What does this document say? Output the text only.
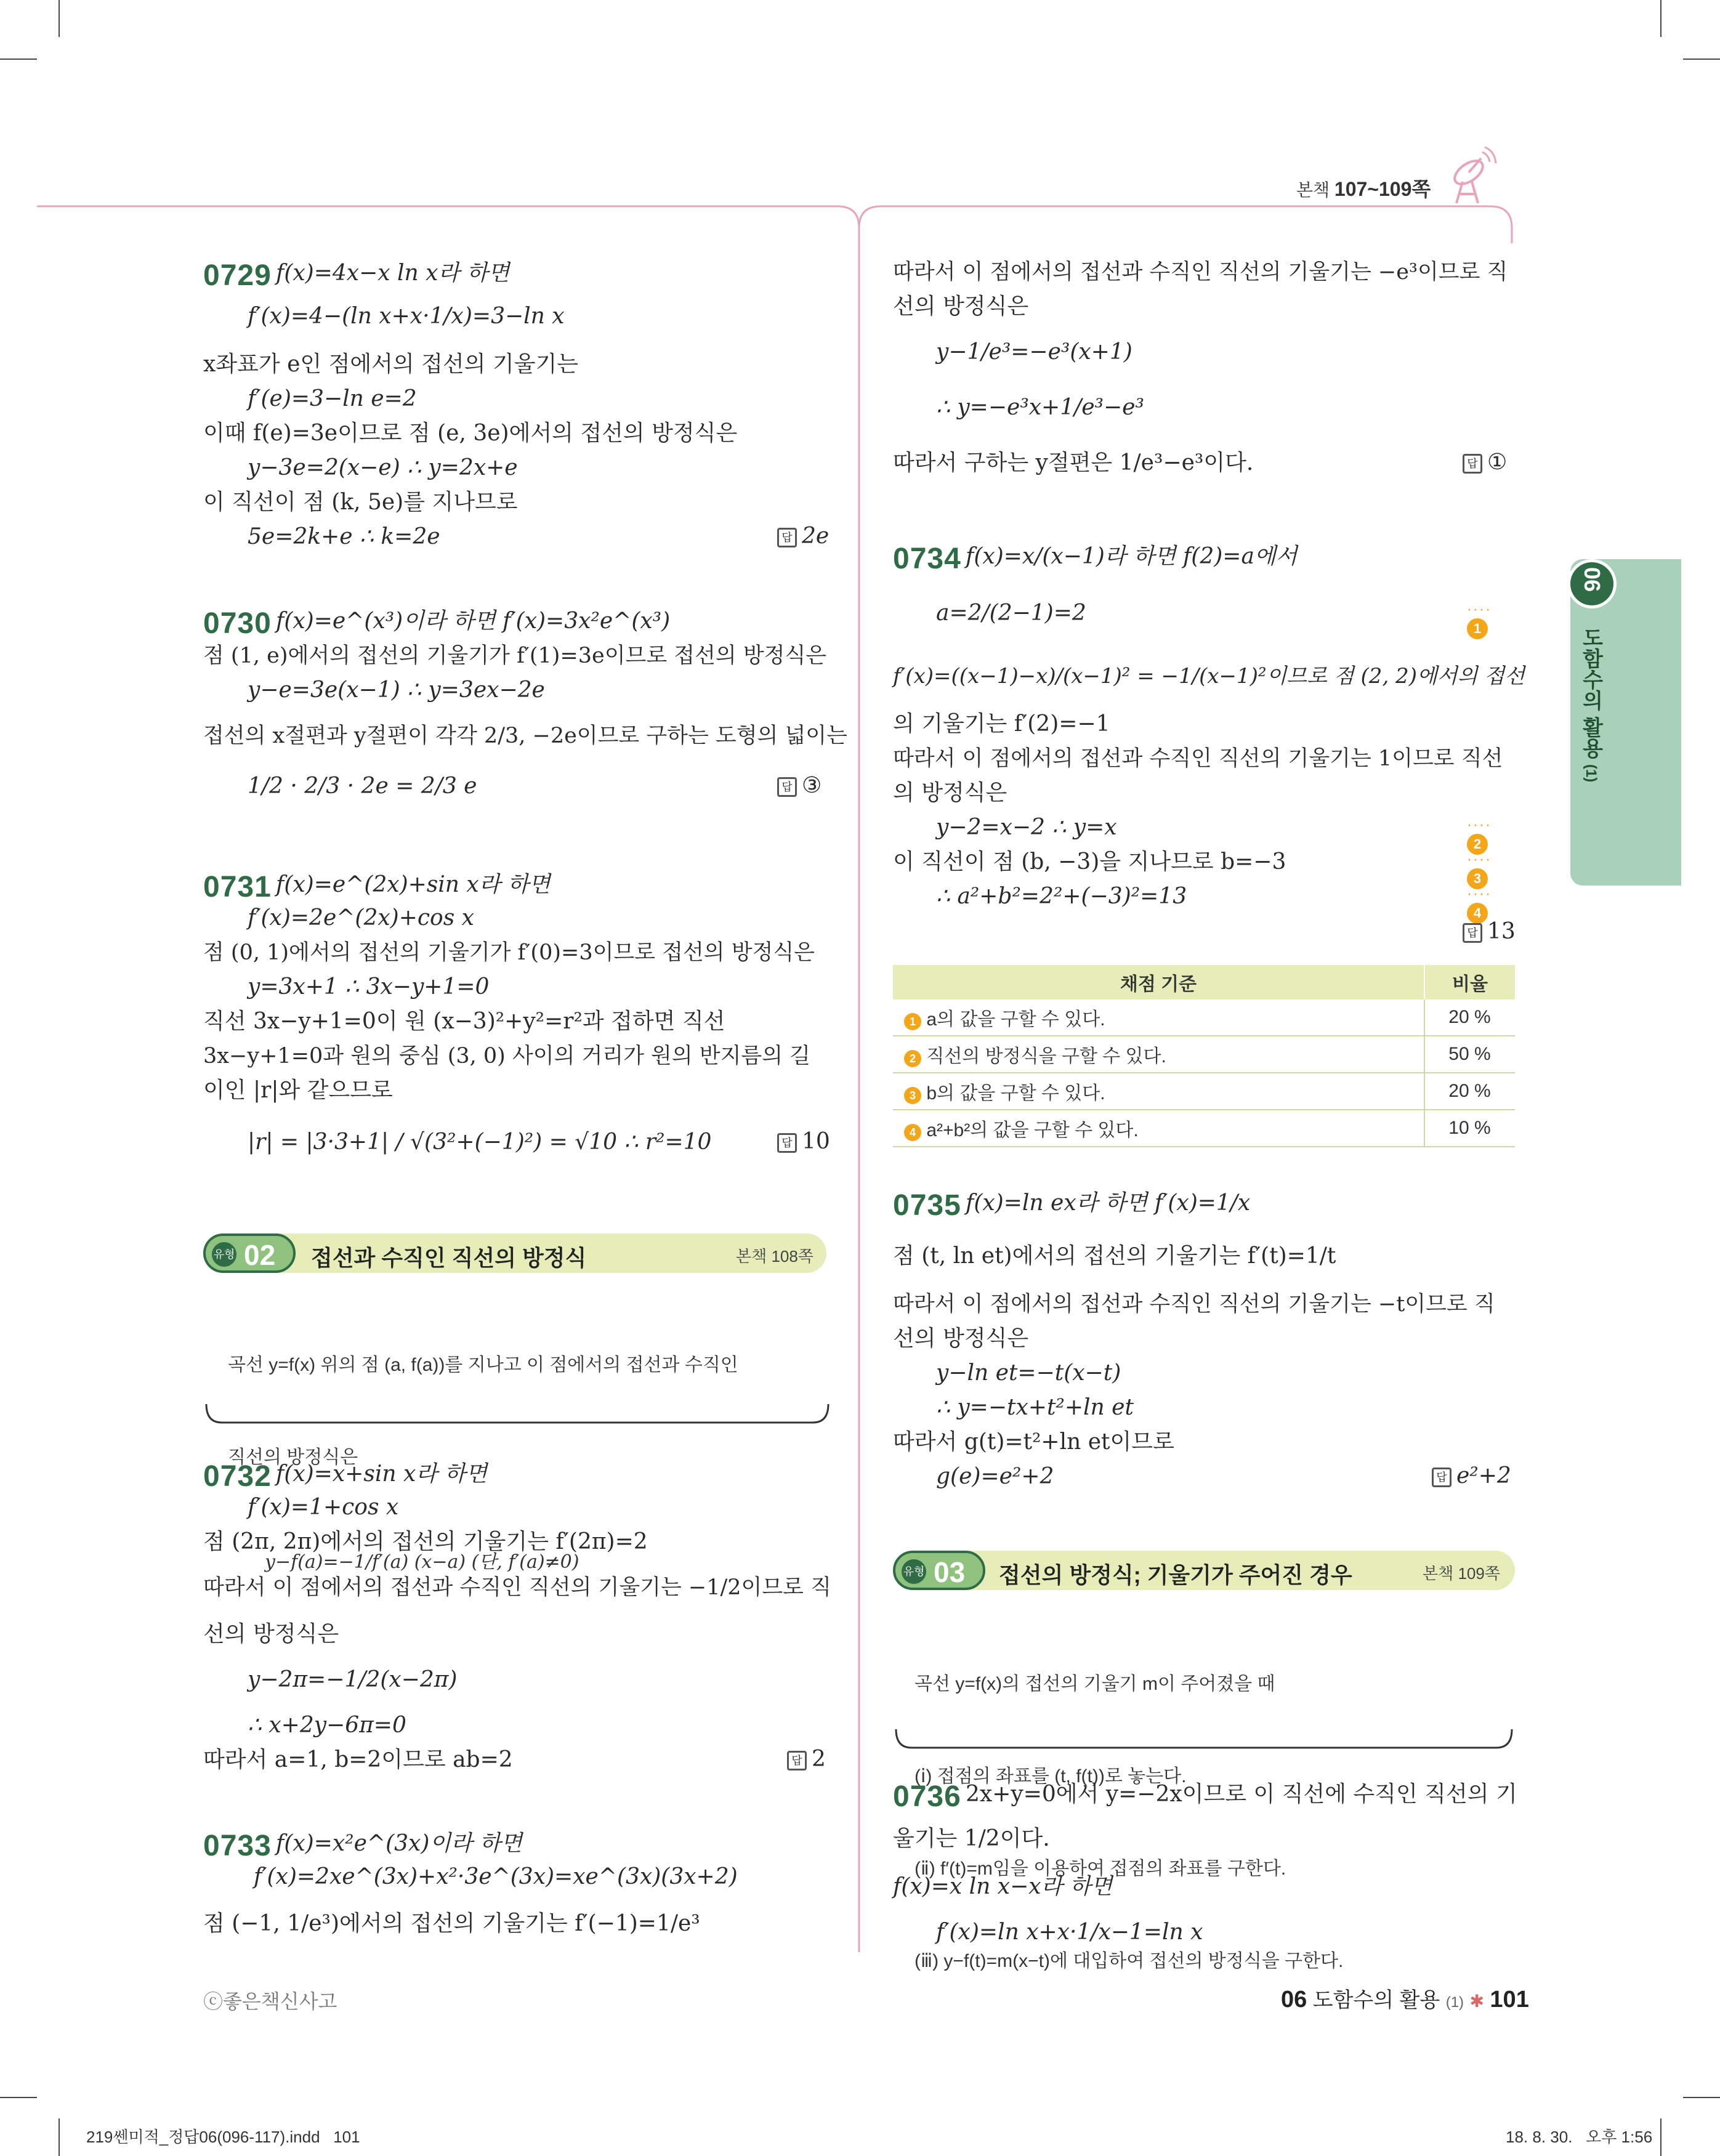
본책 107~109쪽
06
도함수의 활용 (1)
0729 f(x)=4x−x ln x라 하면
f′(x)=4−(ln x+x·1/x)=3−ln x
x좌표가 e인 점에서의 접선의 기울기는
f′(e)=3−ln e=2
이때 f(e)=3e이므로 점 (e, 3e)에서의 접선의 방정식은
y−3e=2(x−e) ∴ y=2x+e
이 직선이 점 (k, 5e)를 지나므로
5e=2k+e ∴ k=2e	답 2e
0730 f(x)=e^(x³)이라 하면 f′(x)=3x²e^(x³)
점 (1, e)에서의 접선의 기울기가 f′(1)=3e이므로 접선의 방정식은
y−e=3e(x−1) ∴ y=3ex−2e
접선의 x절편과 y절편이 각각 2/3, −2e이므로 구하는 도형의 넓이는
1/2 · 2/3 · 2e = 2/3 e	답 ③
0731 f(x)=e^(2x)+sin x라 하면
f′(x)=2e^(2x)+cos x
점 (0, 1)에서의 접선의 기울기가 f′(0)=3이므로 접선의 방정식은
y=3x+1 ∴ 3x−y+1=0
직선 3x−y+1=0이 원 (x−3)²+y²=r²과 접하면 직선
3x−y+1=0과 원의 중심 (3, 0) 사이의 거리가 원의 반지름의 길
이인 |r|와 같으므로
|r| = |3·3+1| / √(3²+(−1)²) = √10 ∴ r²=10	답 10
유형 02 접선과 수직인 직선의 방정식	본책 108쪽

곡선 y=f(x) 위의 점 (a, f(a))를 지나고 이 점에서의 접선과 수직인

직선의 방정식은

y−f(a)=−1/f′(a) (x−a) (단, f′(a)≠0)

0732 f(x)=x+sin x라 하면
f′(x)=1+cos x
점 (2π, 2π)에서의 접선의 기울기는 f′(2π)=2
따라서 이 점에서의 접선과 수직인 직선의 기울기는 −1/2이므로 직
선의 방정식은
y−2π=−1/2(x−2π)
∴ x+2y−6π=0
따라서 a=1, b=2이므로 ab=2	답 2
0733 f(x)=x²e^(3x)이라 하면
f′(x)=2xe^(3x)+x²·3e^(3x)=xe^(3x)(3x+2)
점 (−1, 1/e³)에서의 접선의 기울기는 f′(−1)=1/e³
따라서 이 점에서의 접선과 수직인 직선의 기울기는 −e³이므로 직
선의 방정식은
y−1/e³=−e³(x+1)
∴ y=−e³x+1/e³−e³
따라서 구하는 y절편은 1/e³−e³이다.	답 ①
0734 f(x)=x/(x−1)라 하면 f(2)=a에서
a=2/(2−1)=2
f′(x)=((x−1)−x)/(x−1)² = −1/(x−1)²이므로 점 (2, 2)에서의 접선
의 기울기는 f′(2)=−1
따라서 이 점에서의 접선과 수직인 직선의 기울기는 1이므로 직선
의 방정식은
y−2=x−2 ∴ y=x
이 직선이 점 (b, −3)을 지나므로 b=−3
∴ a²+b²=2²+(−3)²=13
···· 1
···· 2
···· 3
···· 4
답 13
채점 기준	비율
1 a의 값을 구할 수 있다.	20 %
2 직선의 방정식을 구할 수 있다.	50 %
3 b의 값을 구할 수 있다.	20 %
4 a²+b²의 값을 구할 수 있다.	10 %
0735 f(x)=ln ex라 하면 f′(x)=1/x
점 (t, ln et)에서의 접선의 기울기는 f′(t)=1/t
따라서 이 점에서의 접선과 수직인 직선의 기울기는 −t이므로 직
선의 방정식은
y−ln et=−t(x−t)
∴ y=−tx+t²+ln et
따라서 g(t)=t²+ln et이므로
g(e)=e²+2	답 e²+2
유형 03 접선의 방정식; 기울기가 주어진 경우	본책 109쪽

곡선 y=f(x)의 접선의 기울기 m이 주어졌을 때

(ⅰ) 접점의 좌표를 (t, f(t))로 놓는다.

(ⅱ) f′(t)=m임을 이용하여 접점의 좌표를 구한다.

(ⅲ) y−f(t)=m(x−t)에 대입하여 접선의 방정식을 구한다.

0736 2x+y=0에서 y=−2x이므로 이 직선에 수직인 직선의 기
울기는 1/2이다.
f(x)=x ln x−x라 하면
f′(x)=ln x+x·1/x−1=ln x
ⓒ좋은책신사고	06 도함수의 활용 (1) ✱ 101
219쎈미적_정답06(096-117).indd   101	18. 8. 30.   오후 1:56
